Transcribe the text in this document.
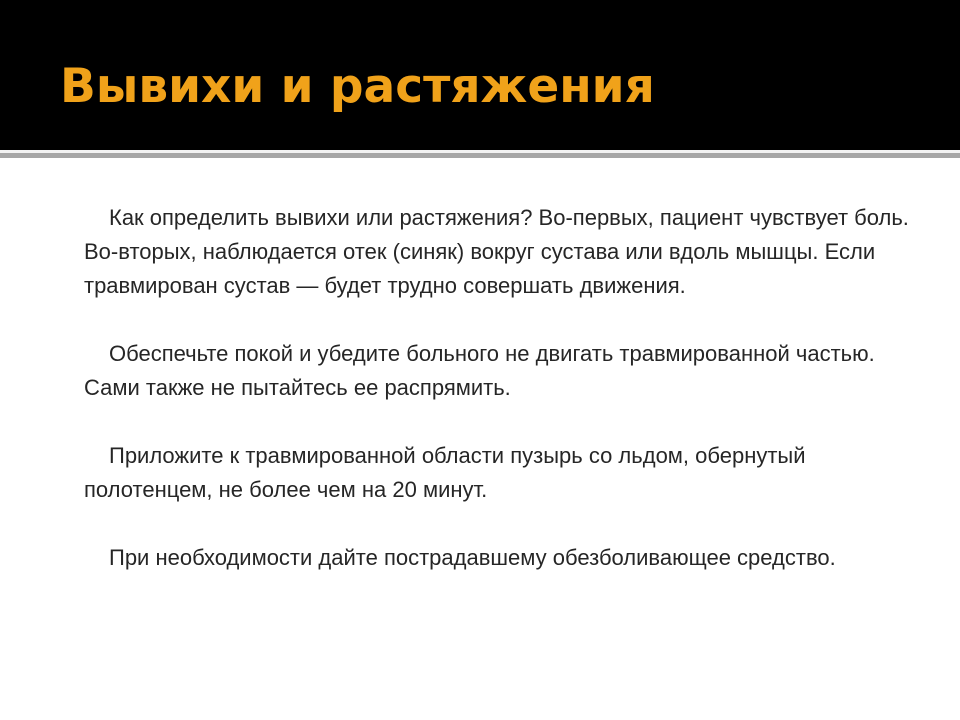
Вывихи и растяжения

Как определить вывихи или растяжения? Во-первых, пациент чувствует боль. Во-вторых, наблюдается отек (синяк) вокруг сустава или вдоль мышцы. Если травмирован сустав — будет трудно совершать движения.

Обеспечьте покой и убедите больного не двигать травмированной частью. Сами также не пытайтесь ее распрямить.

Приложите к травмированной области пузырь со льдом, обернутый полотенцем, не более чем на 20 минут.

При необходимости дайте пострадавшему обезболивающее средство.
